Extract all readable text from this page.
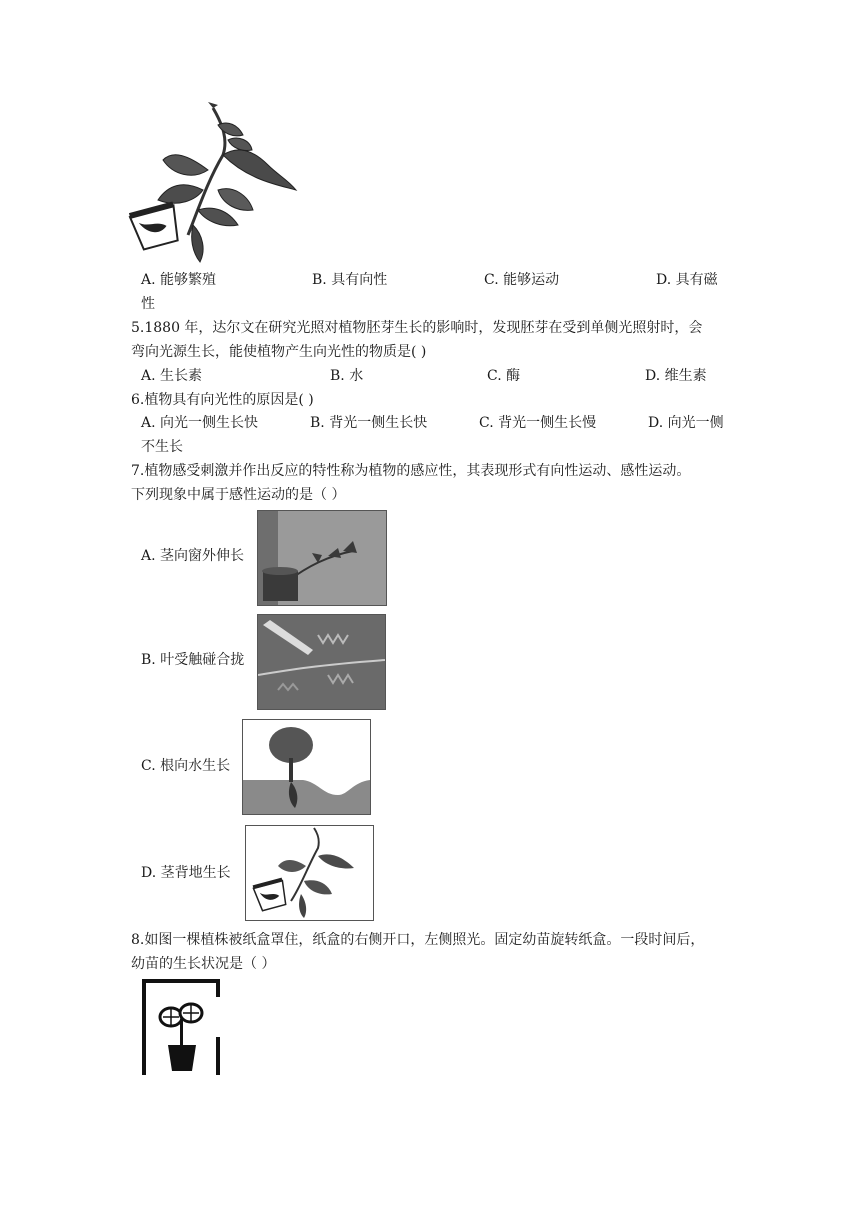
A. 能够繁殖	B. 具有向性	C. 能够运动	D. 具有磁
性
5.1880 年，达尔文在研究光照对植物胚芽生长的影响时，发现胚芽在受到单侧光照射时，会
弯向光源生长，能使植物产生向光性的物质是( )
A. 生长素	B. 水	C. 酶	D. 维生素
6.植物具有向光性的原因是( )
A. 向光一侧生长快	B. 背光一侧生长快	C. 背光一侧生长慢	D. 向光一侧
不生长
7.植物感受刺激并作出反应的特性称为植物的感应性，其表现形式有向性运动、感性运动。
下列现象中属于感性运动的是（ ）
A. 茎向窗外伸长
B. 叶受触碰合拢
C. 根向水生长
D. 茎背地生长
8.如图一棵植株被纸盒罩住，纸盒的右侧开口，左侧照光。固定幼苗旋转纸盒。一段时间后，
幼苗的生长状况是（ ）
